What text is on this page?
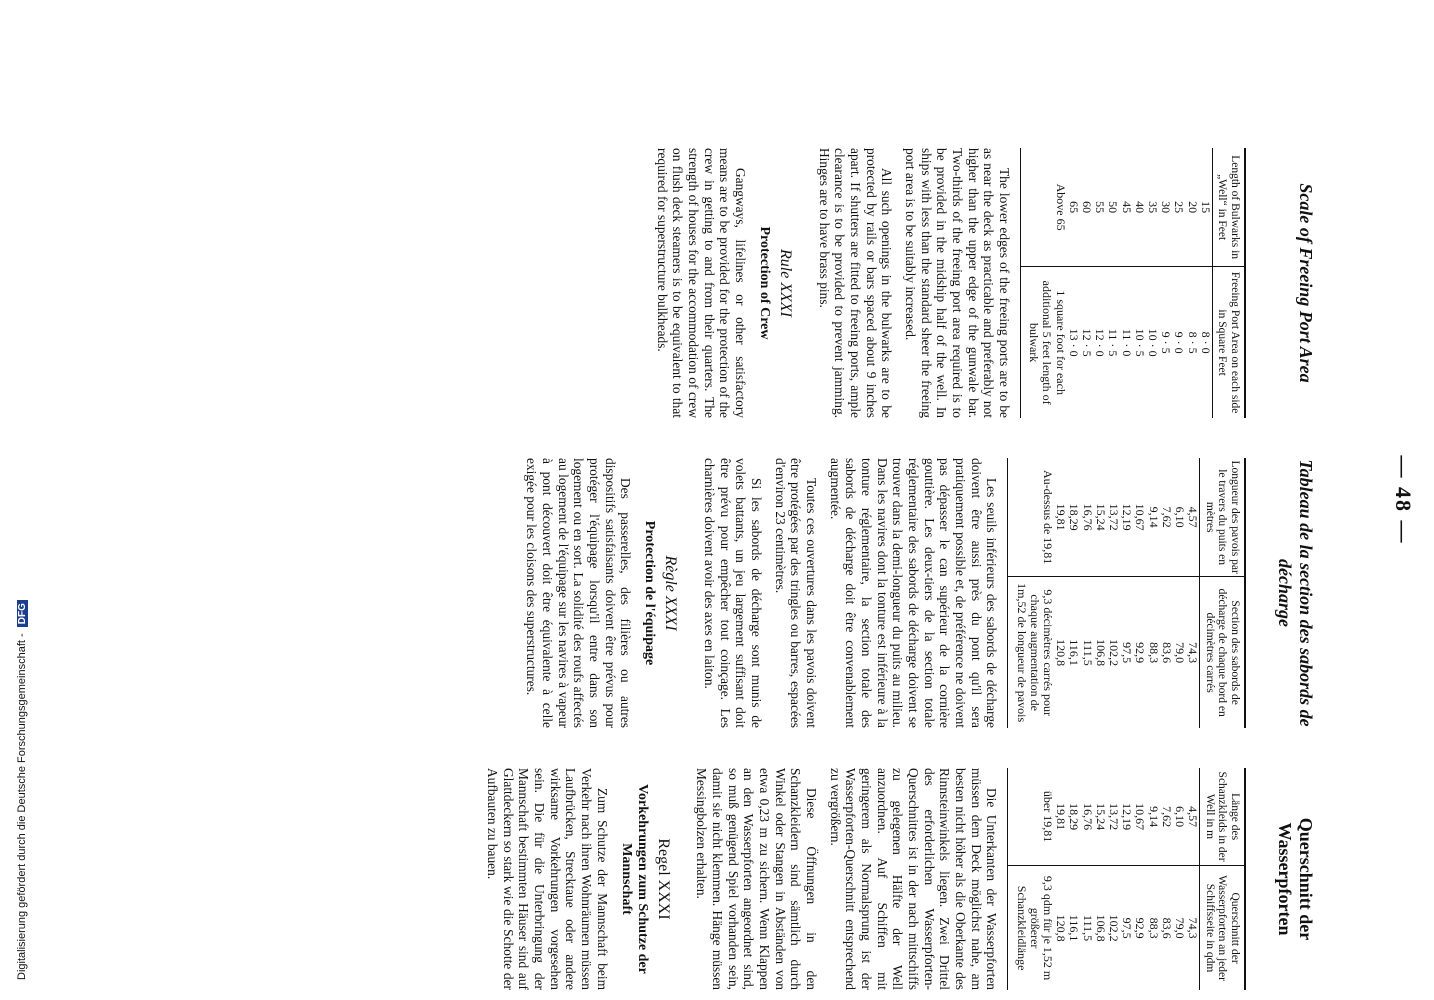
— 48 —
Scale of Freeing Port Area
Length of Bulwarks in „Well“ in Feet	Freeing Port Area on each side in Square Feet
15	8 · 0
20	8 · 5
25	9 · 0
30	9 · 5
35	10 · 0
40	10 · 5
45	11 · 0
50	11 · 5
55	12 · 0
60	12 · 5
65	13 · 0
Above 65	1 square foot for each additional 5 feet length of bulwark

The lower edges of the freeing ports are to be as near the deck as practicable and preferably not higher than the upper edge of the gunwale bar. Two-thirds of the freeing port area required is to be provided in the midship half of the well. In ships with less than the standard sheer the freeing port area is to be suitably increased.

All such openings in the bulwarks are to be protected by rails or bars spaced about 9 inches apart. If shutters are fitted to freeing ports, ample clearance is to be provided to prevent jamming. Hinges are to have brass pins.

Rule XXXI
Protection of Crew

Gangways, lifelines or other satisfactory means are to be provided for the protection of the crew in getting to and from their quarters. The strength of houses for the accommodation of crew on flush deck steamers is to be equivalent to that required for superstructure bulkheads.

Tableau de la section des sabords de décharge
Longueur des pavois par le travers du puits en mètres	Section des sabords de décharge de chaque bord en décimètres carrés
4,57	74,3
6,10	79,0
7,62	83,6
9,14	88,3
10,67	92,9
12,19	97,5
13,72	102,2
15,24	106,8
16,76	111,5
18,29	116,1
19,81	120,8
Au-dessus de 19,81	9,3 décimètres carrés pour chaque augmentation de 1m,52 de longueur de pavois

Les seuils inférieurs des sabords de décharge doivent être aussi près du pont qu'il sera pratiquement possible et, de préférence ne doivent pas dépasser le can supérieur de la cornière gouttière. Les deux-tiers de la section totale réglementaire des sabords de décharge doivent se trouver dans la demi-longueur du puits au milieu. Dans les navires dont la tonture est inférieure à la tonture réglementaire, la section totale des sabords de décharge doit être convenablement augmentée.

Toutes ces ouvertures dans les pavois doivent être protégées par des tringles ou barres, espacées d'environ 23 centimètres.

Si les sabords de décharge sont munis de volets battants, un jeu largement suffisant doit être prévu pour empêcher tout coinçage. Les charnières doivent avoir des axes en laiton.

Règle XXXI
Protection de l'équipage

Des passerelles, des filières ou autres dispositifs satisfaisants doivent être prévus pour protéger l'équipage lorsqu'il entre dans son logement ou en sort. La solidité des roufs affectés au logement de l'équipage sur les navires à vapeur à pont découvert doit être équivalente à celle exigée pour les cloisons des superstructures.

Querschnitt der Wasserpforten
Länge des Schanzkleids in der Well in m	Querschnitt der Wasserpforten an jeder Schiffsseite in qdm
4,57	74,3
6,10	79,0
7,62	83,6
9,14	88,3
10,67	92,9
12,19	97,5
13,72	102,2
15,24	106,8
16,76	111,5
18,29	116,1
19,81	120,8
über 19,81	9,3 qdm für je 1,52 m größerer Schanzkleidlänge

Die Unterkanten der Wasserpforten müssen dem Deck möglichst nahe, am besten nicht höher als die Oberkante des Rinnsteinwinkels liegen. Zwei Drittel des erforderlichen Wasserpforten-Querschnittes ist in der nach mittschiffs zu gelegenen Hälfte der Well anzuordnen. Auf Schiffen mit geringerem als Normalsprung ist der Wasserpforten-Querschnitt entsprechend zu vergrößern.

Diese Öffnungen in den Schanzkleidern sind sämtlich durch Winkel oder Stangen in Abständen von etwa 0,23 m zu sichern. Wenn Klappen an den Wasserpforten angeordnet sind, so muß genügend Spiel vorhanden sein, damit sie nicht klemmen. Hänge müssen Messingbolzen erhalten.

Regel XXXI
Vorkehrungen zum Schutze der Mannschaft

Zum Schutze der Mannschaft beim Verkehr nach ihren Wohnräumen müssen Laufbrücken, Strecktaue oder andere wirksame Vorkehrungen vorgesehen sein. Die für die Unterbringung der Mannschaft bestimmten Häuser sind auf Glattdeckern so stark wie die Schotte der Aufbauten zu bauen.

Digitalisierung gefördert durch die Deutsche Forschungsgemeinschaft - DFG
